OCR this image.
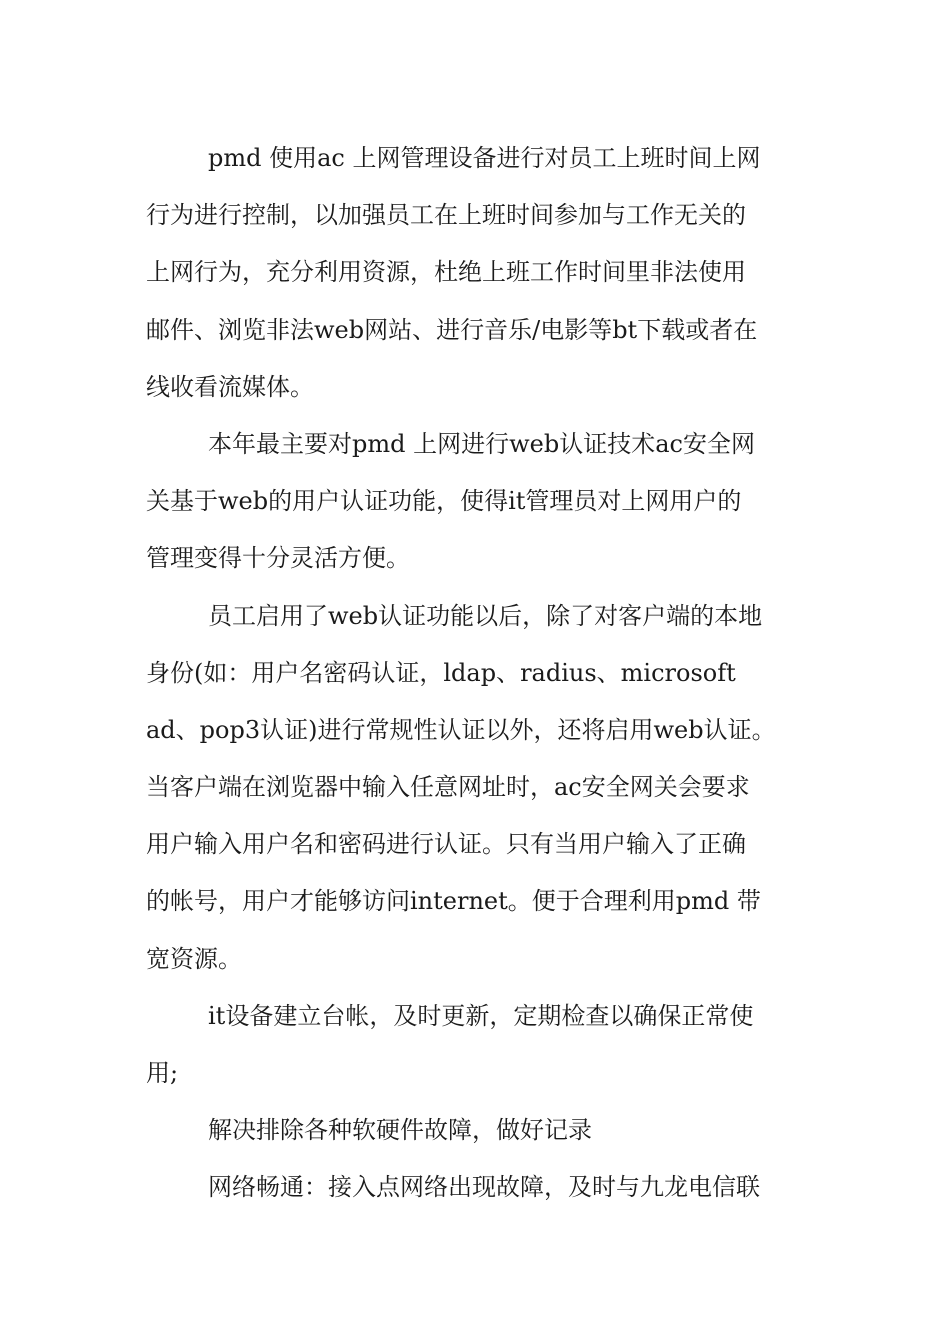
pmd 使用ac 上网管理设备进行对员工上班时间上网
行为进行控制，以加强员工在上班时间参加与工作无关的
上网行为，充分利用资源，杜绝上班工作时间里非法使用
邮件、浏览非法web网站、进行音乐/电影等bt下载或者在
线收看流媒体。
本年最主要对pmd 上网进行web认证技术ac安全网
关基于web的用户认证功能，使得it管理员对上网用户的
管理变得十分灵活方便。
员工启用了web认证功能以后，除了对客户端的本地
身份(如：用户名密码认证，ldap、radius、microsoft
ad、pop3认证)进行常规性认证以外，还将启用web认证。
当客户端在浏览器中输入任意网址时，ac安全网关会要求
用户输入用户名和密码进行认证。只有当用户输入了正确
的帐号，用户才能够访问internet。便于合理利用pmd 带
宽资源。
it设备建立台帐，及时更新，定期检查以确保正常使
用;
解决排除各种软硬件故障，做好记录
网络畅通：接入点网络出现故障，及时与九龙电信联
